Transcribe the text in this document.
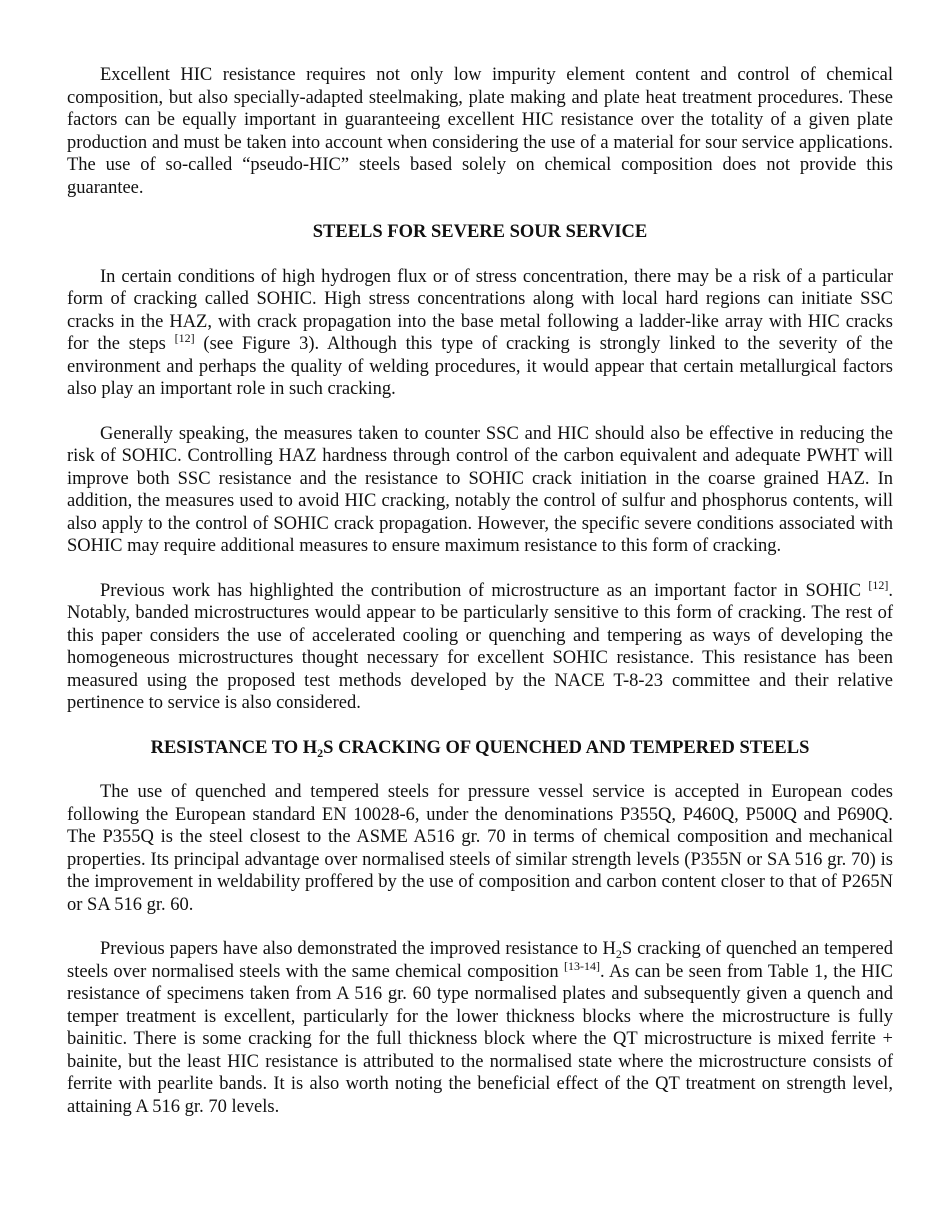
Excellent HIC resistance requires not only low impurity element content and control of chemical composition, but also specially-adapted steelmaking, plate making and plate heat treatment procedures. These factors can be equally important in guaranteeing excellent HIC resistance over the totality of a given plate production and must be taken into account when considering the use of a material for sour service applications. The use of so-called “pseudo-HIC” steels based solely on chemical composition does not provide this guarantee.

STEELS FOR SEVERE SOUR SERVICE

In certain conditions of high hydrogen flux or of stress concentration, there may be a risk of a particular form of cracking called SOHIC. High stress concentrations along with local hard regions can initiate SSC cracks in the HAZ, with crack propagation into the base metal following a ladder-like array with HIC cracks for the steps [12] (see Figure 3). Although this type of cracking is strongly linked to the severity of the environment and perhaps the quality of welding procedures, it would appear that certain metallurgical factors also play an important role in such cracking.

Generally speaking, the measures taken to counter SSC and HIC should also be effective in reducing the risk of SOHIC. Controlling HAZ hardness through control of the carbon equivalent and adequate PWHT will improve both SSC resistance and the resistance to SOHIC crack initiation in the coarse grained HAZ. In addition, the measures used to avoid HIC cracking, notably the control of sulfur and phosphorus contents, will also apply to the control of SOHIC crack propagation. However, the specific severe conditions associated with SOHIC may require additional measures to ensure maximum resistance to this form of cracking.

Previous work has highlighted the contribution of microstructure as an important factor in SOHIC [12]. Notably, banded microstructures would appear to be particularly sensitive to this form of cracking. The rest of this paper considers the use of accelerated cooling or quenching and tempering as ways of developing the homogeneous microstructures thought necessary for excellent SOHIC resistance. This resistance has been measured using the proposed test methods developed by the NACE T-8-23 committee and their relative pertinence to service is also considered.

RESISTANCE TO $H_2S$ CRACKING OF QUENCHED AND TEMPERED STEELS

The use of quenched and tempered steels for pressure vessel service is accepted in European codes following the European standard EN 10028-6, under the denominations P355Q, P460Q, P500Q and P690Q. The P355Q is the steel closest to the ASME A516 gr. 70 in terms of chemical composition and mechanical properties. Its principal advantage over normalised steels of similar strength levels (P355N or SA 516 gr. 70) is the improvement in weldability proffered by the use of composition and carbon content closer to that of P265N or SA 516 gr. 60.

Previous papers have also demonstrated the improved resistance to $H_2S$ cracking of quenched an tempered steels over normalised steels with the same chemical composition [13-14]. As can be seen from Table 1, the HIC resistance of specimens taken from A 516 gr. 60 type normalised plates and subsequently given a quench and temper treatment is excellent, particularly for the lower thickness blocks where the microstructure is fully bainitic. There is some cracking for the full thickness block where the QT microstructure is mixed ferrite + bainite, but the least HIC resistance is attributed to the normalised state where the microstructure consists of ferrite with pearlite bands. It is also worth noting the beneficial effect of the QT treatment on strength level, attaining A 516 gr. 70 levels.
